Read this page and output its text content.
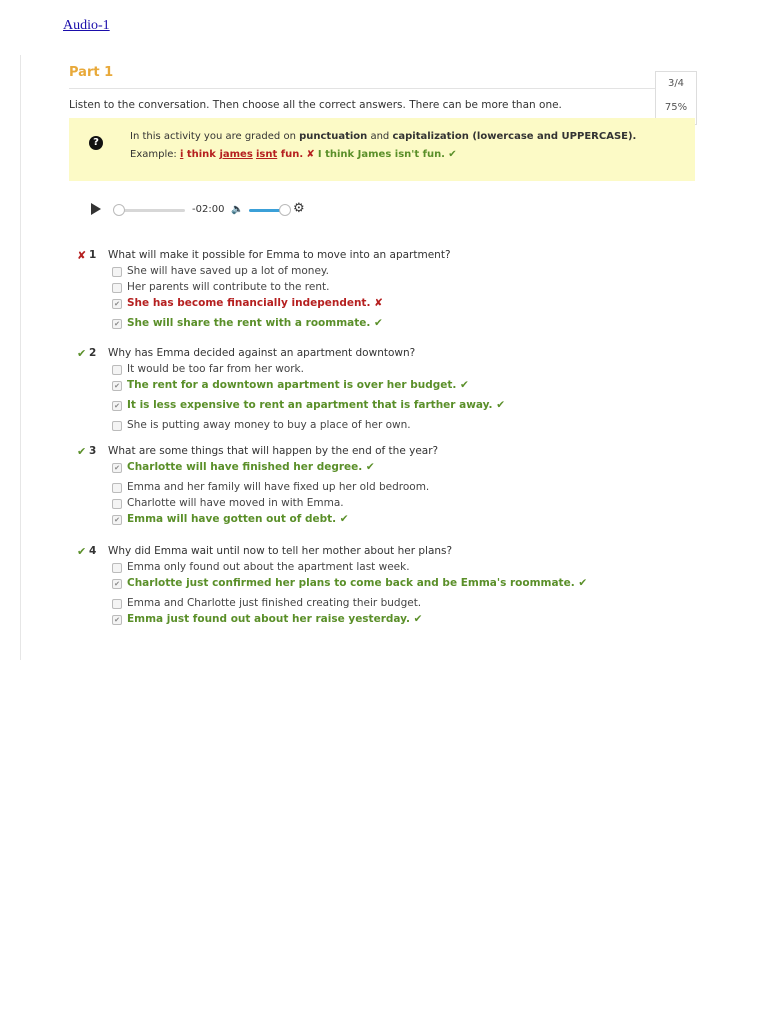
Audio-1
Part 1
3/4
75%
Listen to the conversation. Then choose all the correct answers. There can be more than one.
?
In this activity you are graded on punctuation and capitalization (lowercase and UPPERCASE).
Example: i think james isnt fun. ✘ I think James isn't fun. ✔
-02:00 🔈	⚙
✘ 1 What will make it possible for Emma to move into an apartment?
She will have saved up a lot of money.
Her parents will contribute to the rent.
✔ She has become financially independent. ✘
✔ She will share the rent with a roommate. ✔
✔ 2 Why has Emma decided against an apartment downtown?
It would be too far from her work.
✔ The rent for a downtown apartment is over her budget. ✔
✔ It is less expensive to rent an apartment that is farther away. ✔
She is putting away money to buy a place of her own.
✔ 3 What are some things that will happen by the end of the year?
✔ Charlotte will have finished her degree. ✔
Emma and her family will have fixed up her old bedroom.
Charlotte will have moved in with Emma.
✔ Emma will have gotten out of debt. ✔
✔ 4 Why did Emma wait until now to tell her mother about her plans?
Emma only found out about the apartment last week.
✔ Charlotte just confirmed her plans to come back and be Emma's roommate. ✔
Emma and Charlotte just finished creating their budget.
✔ Emma just found out about her raise yesterday. ✔
